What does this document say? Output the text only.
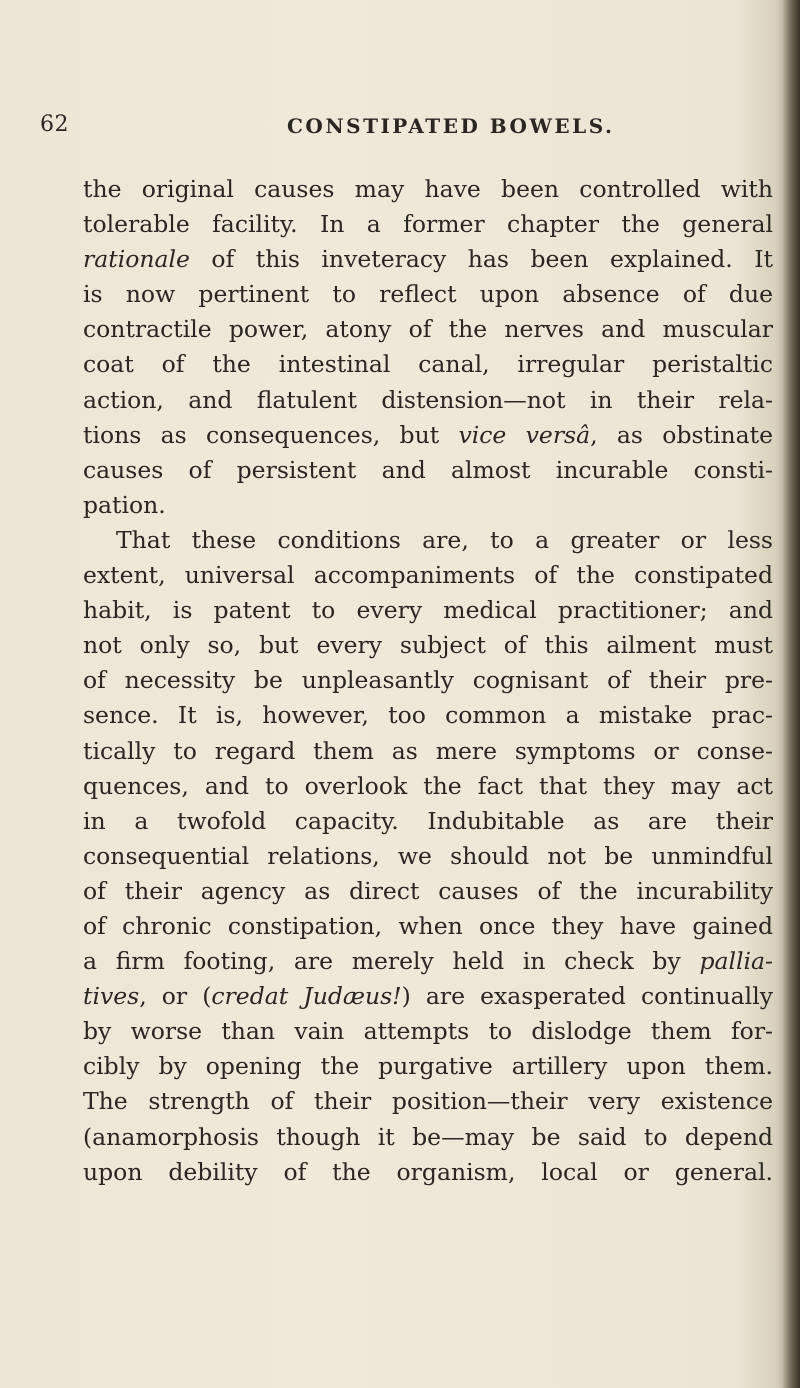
62	CONSTIPATED BOWELS.
the original causes may have been controlled with
tolerable facility. In a former chapter the general
rationale of this inveteracy has been explained. It
is now pertinent to reflect upon absence of due
contractile power, atony of the nerves and muscular
coat of the intestinal canal, irregular peristaltic
action, and flatulent distension—not in their rela-
tions as consequences, but vice versâ, as obstinate
causes of persistent and almost incurable consti-
pation.
That these conditions are, to a greater or less
extent, universal accompaniments of the constipated
habit, is patent to every medical practitioner; and
not only so, but every subject of this ailment must
of necessity be unpleasantly cognisant of their pre-
sence. It is, however, too common a mistake prac-
tically to regard them as mere symptoms or conse-
quences, and to overlook the fact that they may act
in a twofold capacity. Indubitable as are their
consequential relations, we should not be unmindful
of their agency as direct causes of the incurability
of chronic constipation, when once they have gained
a firm footing, are merely held in check by pallia-
tives, or (credat Judæus!) are exasperated continually
by worse than vain attempts to dislodge them for-
cibly by opening the purgative artillery upon them.
The strength of their position—their very existence
(anamorphosis though it be—may be said to depend
upon debility of the organism, local or general.
